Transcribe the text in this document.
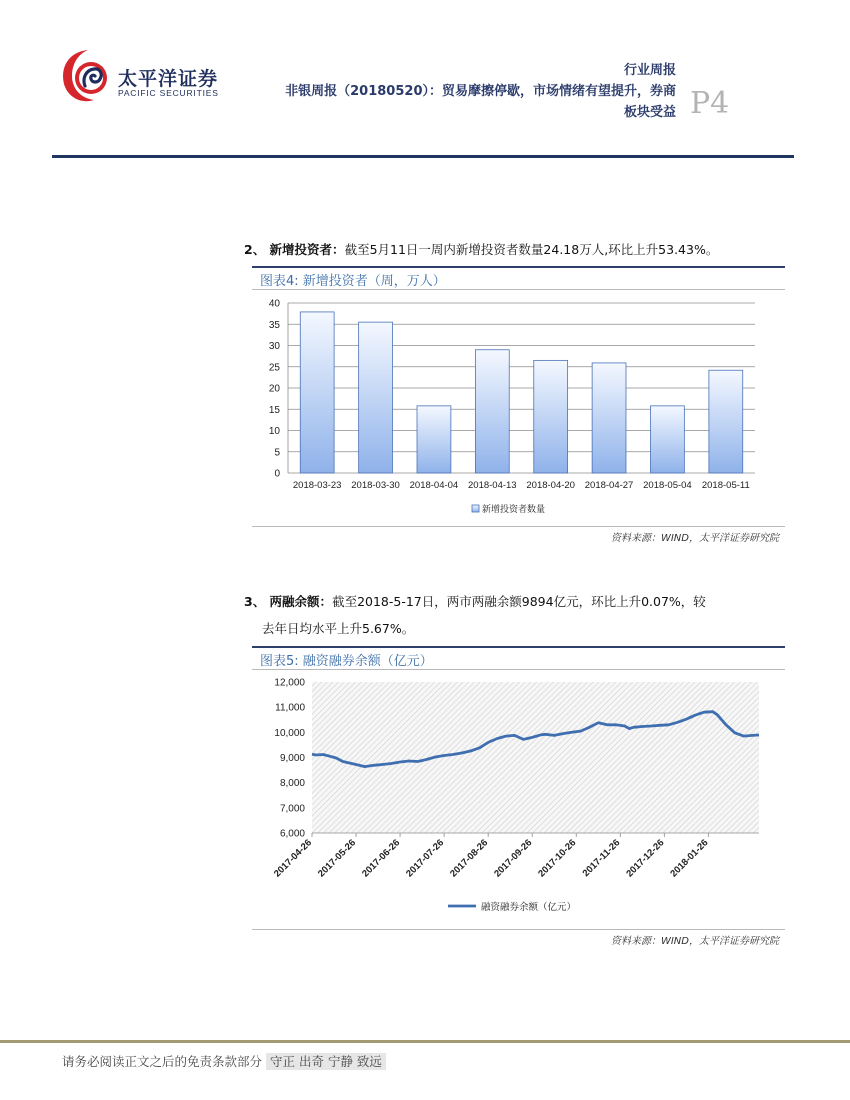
太平洋证券
PACIFIC SECURITIES
行业周报
非银周报（20180520）：贸易摩擦停歇，市场情绪有望提升，券商
板块受益 P4
2、 新增投资者：截至5月11日一周内新增投资者数量24.18万人,环比上升53.43%。
图表4: 新增投资者（周，万人）
0
5
10
15
20
25
30
35
40
2018-03-23 2018-03-30 2018-04-04 2018-04-13 2018-04-20 2018-04-27 2018-05-04 2018-05-11
新增投资者数量
资料来源：WIND，太平洋证券研究院
3、 两融余额：截至2018-5-17日，两市两融余额9894亿元，环比上升0.07%，较
去年日均水平上升5.67%。
图表5: 融资融券余额（亿元）
6,000
7,000
8,000
9,000
10,000
11,000
12,000
2017-04-26 2017-05-26 2017-06-26 2017-07-26 2017-08-26 2017-09-26 2017-10-26 2017-11-26 2017-12-26 2018-01-26
融资融券余额（亿元）
资料来源：WIND，太平洋证券研究院
请务必阅读正文之后的免责条款部分 守正 出奇 宁静 致远
